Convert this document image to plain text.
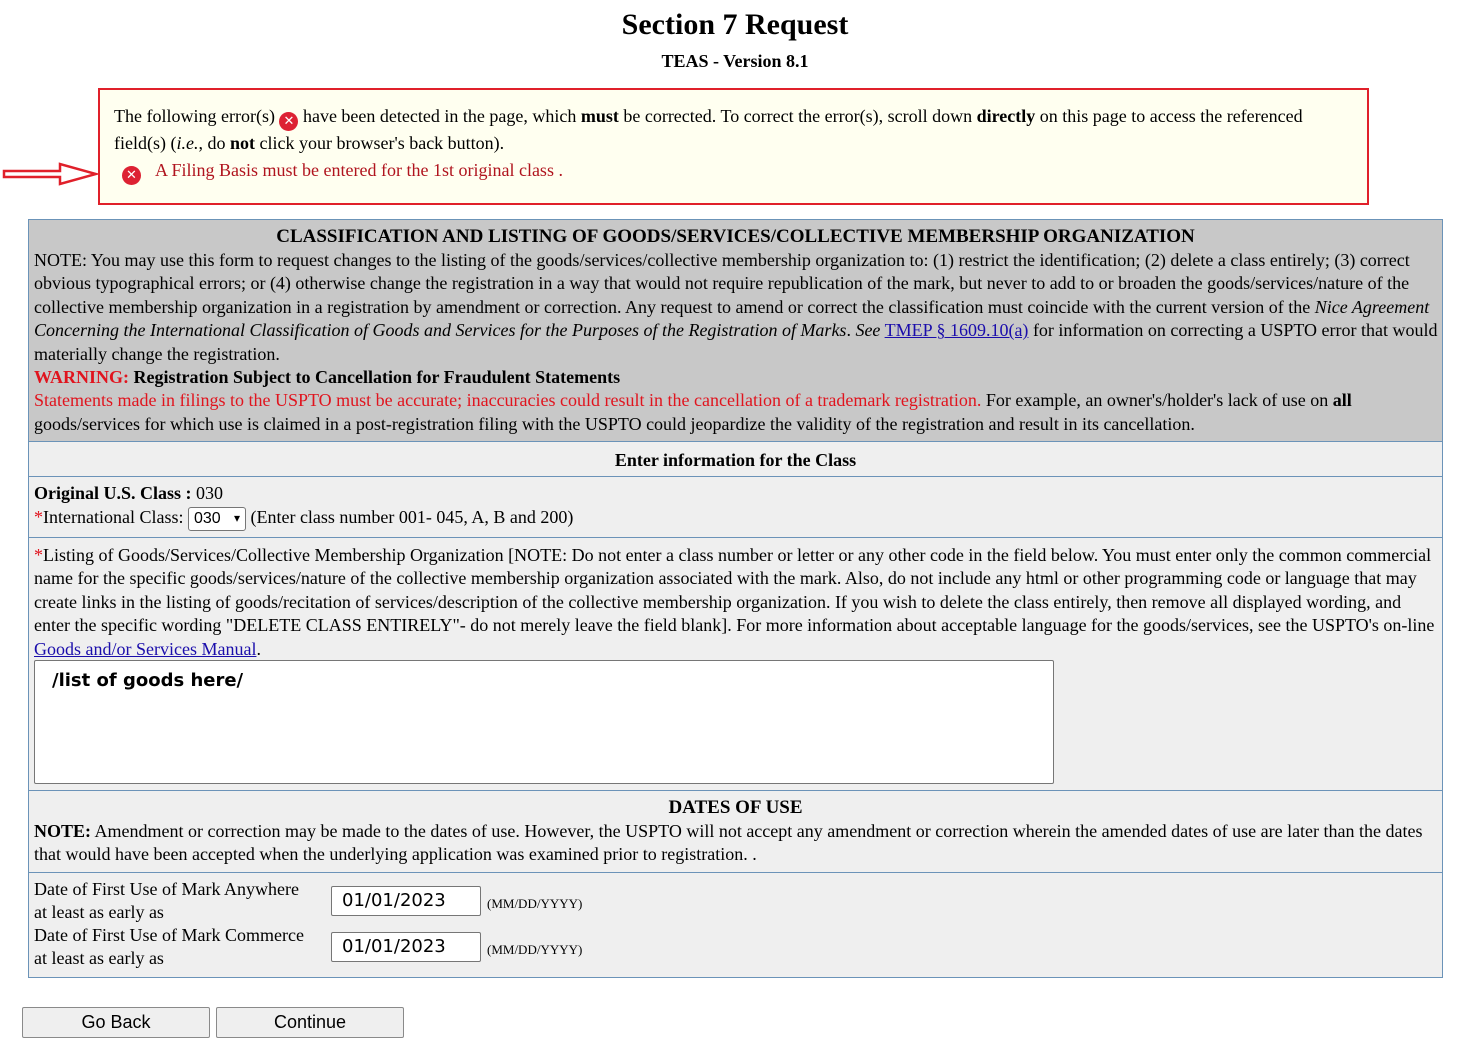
Section 7 Request
TEAS - Version 8.1
The following error(s) ✕ have been detected in the page, which must be corrected. To correct the error(s), scroll down directly on this page to access the referenced field(s) (i.e., do not click your browser's back button).
✕ A Filing Basis must be entered for the 1st original class .
CLASSIFICATION AND LISTING OF GOODS/SERVICES/COLLECTIVE MEMBERSHIP ORGANIZATION
NOTE: You may use this form to request changes to the listing of the goods/services/collective membership organization to: (1) restrict the identification; (2) delete a class entirely; (3) correct obvious typographical errors; or (4) otherwise change the registration in a way that would not require republication of the mark, but never to add to or broaden the goods/services/nature of the collective membership organization in a registration by amendment or correction. Any request to amend or correct the classification must coincide with the current version of the Nice Agreement Concerning the International Classification of Goods and Services for the Purposes of the Registration of Marks. See TMEP § 1609.10(a) for information on correcting a USPTO error that would materially change the registration.
WARNING: Registration Subject to Cancellation for Fraudulent Statements
Statements made in filings to the USPTO must be accurate; inaccuracies could result in the cancellation of a trademark registration. For example, an owner's/holder's lack of use on all goods/services for which use is claimed in a post-registration filing with the USPTO could jeopardize the validity of the registration and result in its cancellation.
Enter information for the Class
Original U.S. Class : 030
*International Class: 030 ▾ (Enter class number 001- 045, A, B and 200)
*Listing of Goods/Services/Collective Membership Organization [NOTE: Do not enter a class number or letter or any other code in the field below. You must enter only the common commercial name for the specific goods/services/nature of the collective membership organization associated with the mark. Also, do not include any html or other programming code or language that may create links in the listing of goods/recitation of services/description of the collective membership organization. If you wish to delete the class entirely, then remove all displayed wording, and enter the specific wording "DELETE CLASS ENTIRELY"- do not merely leave the field blank]. For more information about acceptable language for the goods/services, see the USPTO's on-line Goods and/or Services Manual.
/list of goods here/
DATES OF USE
NOTE: Amendment or correction may be made to the dates of use. However, the USPTO will not accept any amendment or correction wherein the amended dates of use are later than the dates that would have been accepted when the underlying application was examined prior to registration. .
Date of First Use of Mark Anywhere
at least as early as
01/01/2023	(MM/DD/YYYY)
Date of First Use of Mark Commerce
at least as early as
01/01/2023	(MM/DD/YYYY)
Go Back	Continue
